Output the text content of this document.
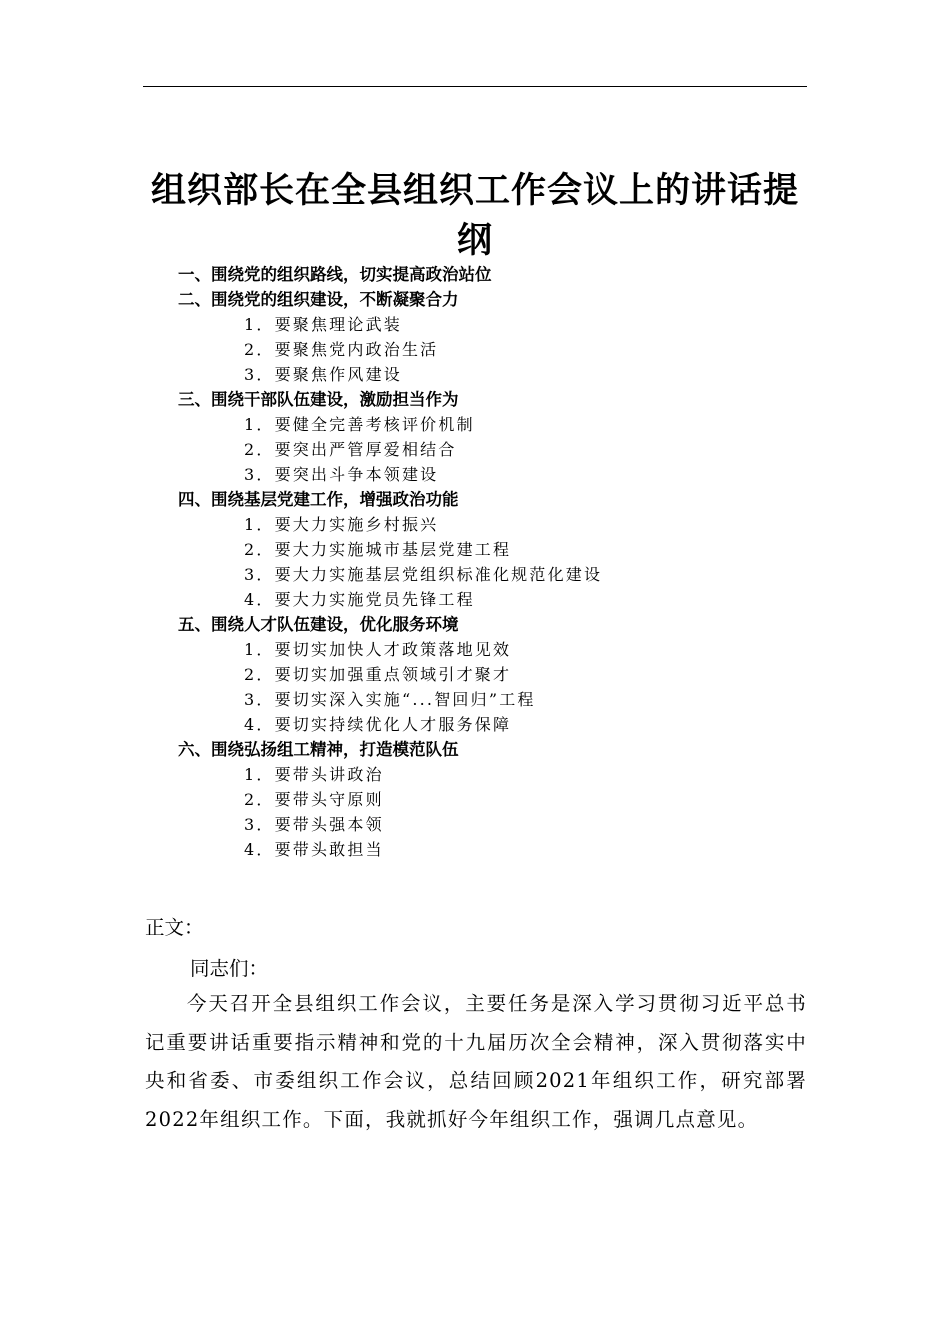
组织部长在全县组织工作会议上的讲话提纲
一、围绕党的组织路线，切实提高政治站位
二、围绕党的组织建设，不断凝聚合力
1．要聚焦理论武装
2．要聚焦党内政治生活
3．要聚焦作风建设
三、围绕干部队伍建设，激励担当作为
1．要健全完善考核评价机制
2．要突出严管厚爱相结合
3．要突出斗争本领建设
四、围绕基层党建工作，增强政治功能
1．要大力实施乡村振兴
2．要大力实施城市基层党建工程
3．要大力实施基层党组织标准化规范化建设
4．要大力实施党员先锋工程
五、围绕人才队伍建设，优化服务环境
1．要切实加快人才政策落地见效
2．要切实加强重点领域引才聚才
3．要切实深入实施“...智回归”工程
4．要切实持续优化人才服务保障
六、围绕弘扬组工精神，打造模范队伍
1．要带头讲政治
2．要带头守原则
3．要带头强本领
4．要带头敢担当
正文：
同志们：
今天召开全县组织工作会议，主要任务是深入学习贯彻习近平总书记重要讲话重要指示精神和党的十九届历次全会精神，深入贯彻落实中央和省委、市委组织工作会议，总结回顾2021年组织工作，研究部署2022年组织工作。下面，我就抓好今年组织工作，强调几点意见。
